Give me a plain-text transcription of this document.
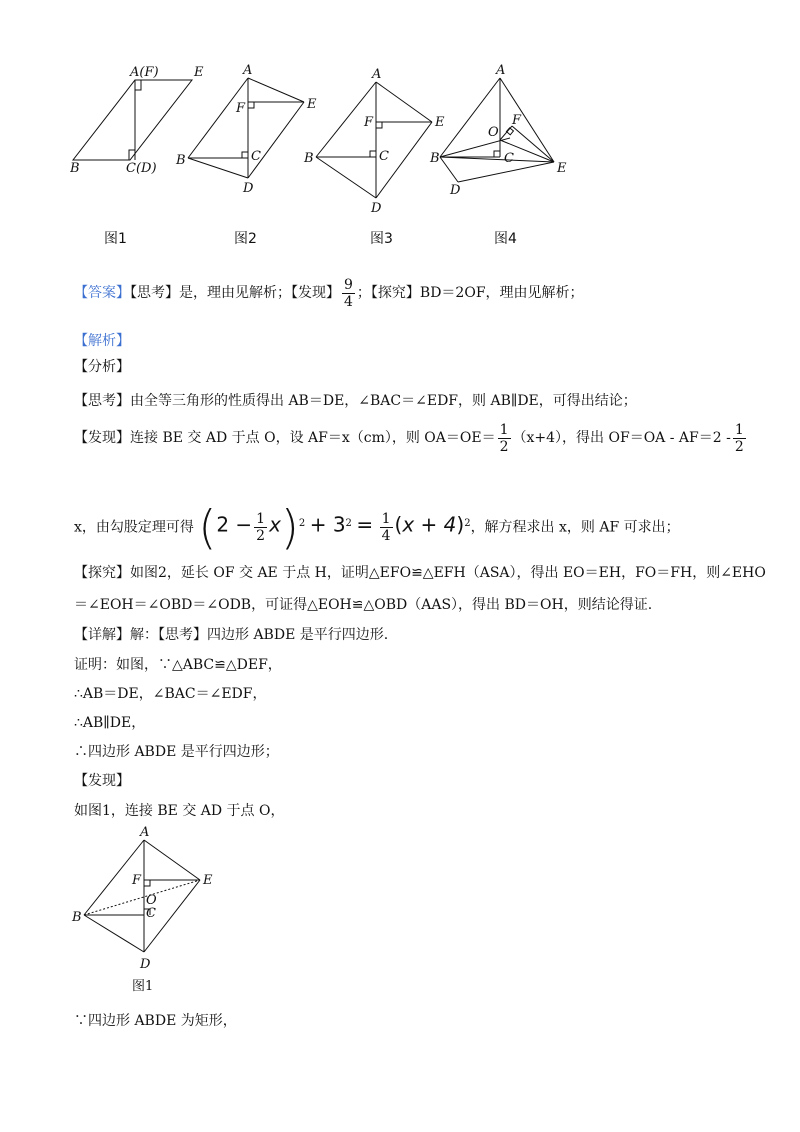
A(F)	E
B	C(D)
A
F	E
B	C
D
A
F	E
B	C
D
A
O
F
B	C
E
D
图1	图2	图3	图4
【答案】【思考】是，理由见解析；【发现】 $\frac{9}{4}$ ；【探究】BD＝2OF，理由见解析；
【解析】
【分析】
【思考】由全等三角形的性质得出 AB＝DE，∠BAC＝∠EDF，则 AB∥DE，可得出结论；
【发现】连接 BE 交 AD 于点 O，设 AF＝x（cm），则 $OA=OE= \frac{1}{2} (x+4)$，得出 $OF=OA - AF=2 - \frac{1}{2}$
x，由勾股定理可得 $(2 - \frac{1}{2} x)^2 + 3^2 = \frac{1}{4} (x + 4)^2$，解方程求出 x，则 AF 可求出；
【探究】如图2，延长 OF 交 AE 于点 H，证明△EFO≌△EFH（ASA），得出 EO＝EH，FO＝FH，则∠EHO
＝∠EOH＝∠OBD＝∠ODB，可证得△EOH≌△OBD（AAS），得出 BD＝OH，则结论得证.
【详解】解：【思考】四边形 ABDE 是平行四边形.
证明：如图，∵△ABC≌△DEF，
∴AB＝DE，∠BAC＝∠EDF，
∴AB∥DE，
∴四边形 ABDE 是平行四边形；
【发现】
如图1，连接 BE 交 AD 于点 O，
A
F	E
O
C
B
D
图1
∵四边形 ABDE 为矩形，
